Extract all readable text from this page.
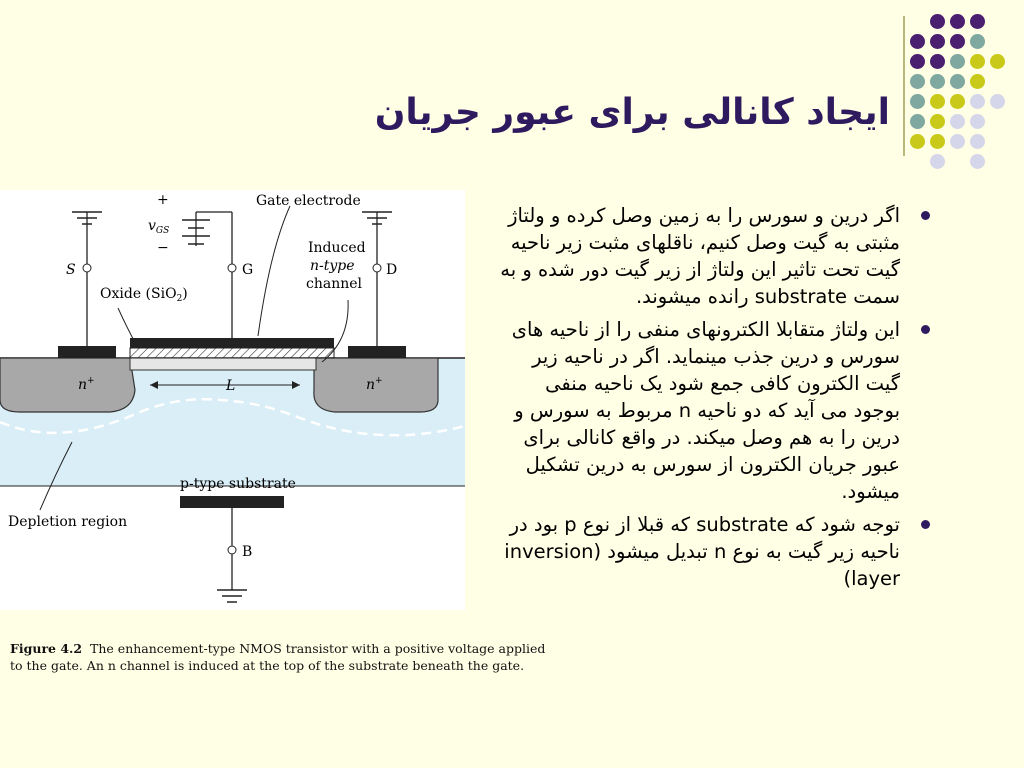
ایجاد کانالی برای عبور جریان
Gate electrode
+
−
$v_{GS}$
Induced
n-type
channel
S	G	D
B
Oxide (SiO$_2$)
n+	n+
L
p-type substrate
Depletion region
Figure 4.2 The enhancement-type NMOS transistor with a positive voltage applied to the gate. An n channel is induced at the top of the substrate beneath the gate.
اگر درین و سورس را به زمین وصل کرده و ولتاژ مثبتی به گیت وصل کنیم، ناقلهای مثبت زیر ناحیه گیت تحت تاثیر این ولتاژ از زیر گیت دور شده و به سمت substrate رانده میشوند.
این ولتاژ متقابلا الکترونهای منفی را از ناحیه های سورس و درین جذب مینماید. اگر در ناحیه زیر گیت الکترون کافی جمع شود یک ناحیه منفی بوجود می آید که دو ناحیه n مربوط به سورس و درین را به هم وصل میکند. در واقع کانالی برای عبور جریان الکترون از سورس به درین تشکیل میشود.
توجه شود که substrate که قبلا از نوع p بود در ناحیه زیر گیت به نوع n تبدیل میشود (inversion layer)
